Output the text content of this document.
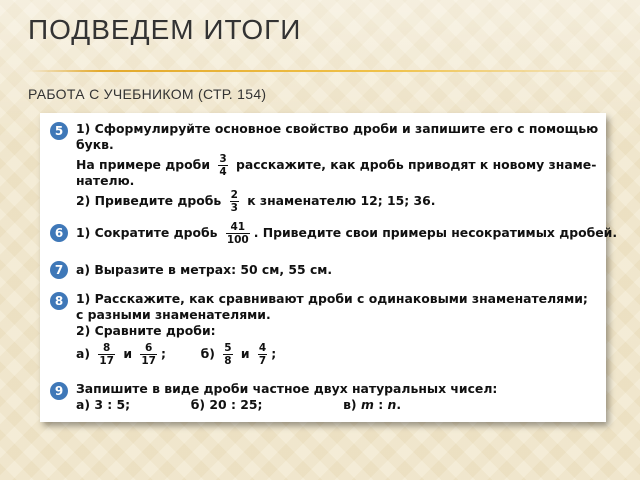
ПОДВЕДЕМ ИТОГИ
РАБОТА С УЧЕБНИКОМ (СТР. 154)
5	1) Сформулируйте основное свойство дроби и запишите его с помощью
букв.
На примере дроби $\frac{3}{4}$ расскажите, как дробь приводят к новому знаме-
нателю.
2) Приведите дробь $\frac{2}{3}$ к знаменателю 12; 15; 36.
6	1) Сократите дробь $\frac{41}{100}$ . Приведите свои примеры несократимых дробей.
7	а) Выразите в метрах: 50 см, 55 см.
8	1) Расскажите, как сравнивают дроби с одинаковыми знаменателями;
с разными знаменателями.
2) Сравните дроби:
$а) \frac{8}{17}$ и $\frac{6}{17}$ ;	$б) \frac{5}{8}$ и $\frac{4}{7}$ ;
9	Запишите в виде дроби частное двух натуральных чисел:
а) 3 : 5;	б) 20 : 25;	в) m : n.
